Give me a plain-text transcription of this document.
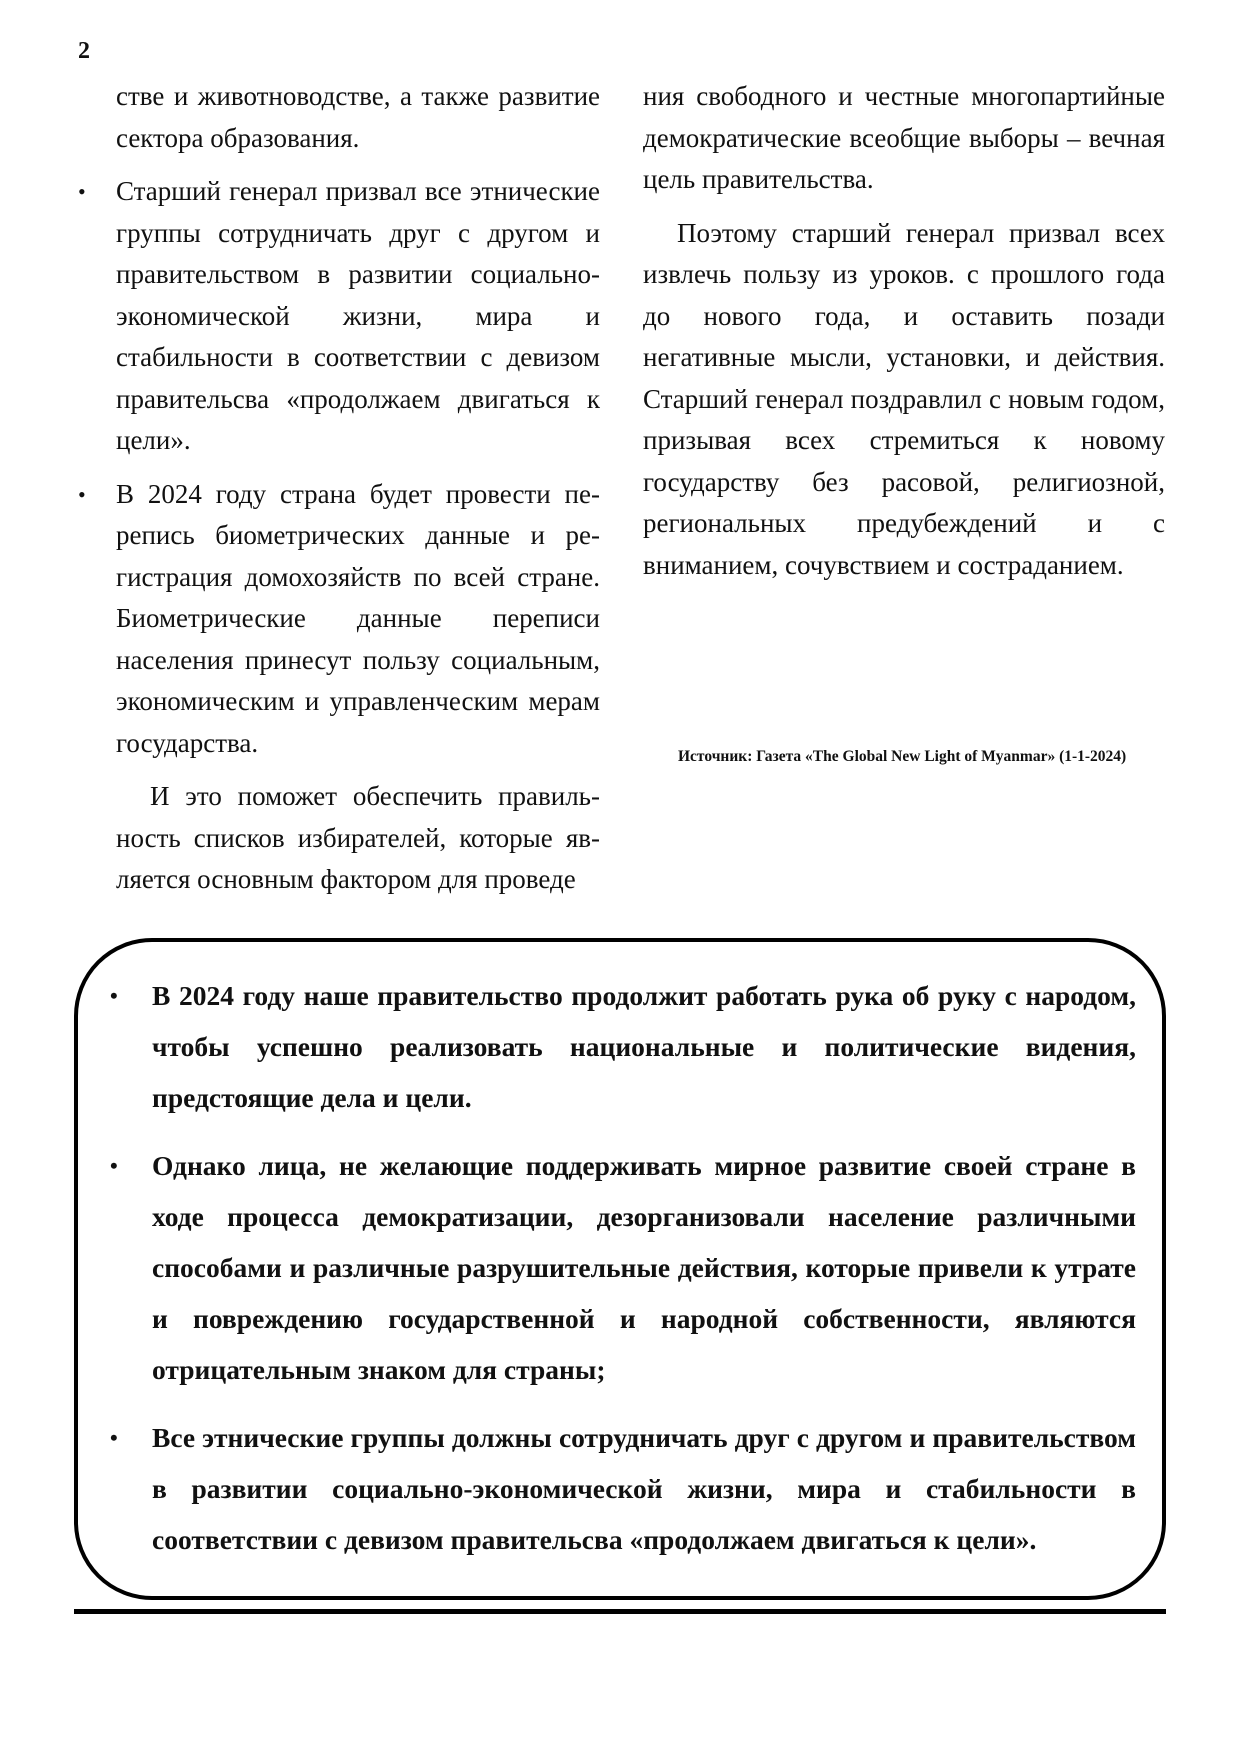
2

стве и животноводстве, а также развитие сектора образования.

• Старший генерал призвал все этнические группы сотрудничать друг с другом и правительством в развитии социально-экономической жизни, мира и стабильности в соответствии с девизом правительсва «продолжаем двигаться к цели».
• В 2024 году страна будет провести перепись биометрических данные и регистрация домохозяйств по всей стране. Биометрические данные переписи населения принесут пользу социальным, экономическим и управленческим мерам государства.

И это поможет обеспечить правильность списков избирателей, которые является основным фактором для проведе

ния свободного и честные многопартийные демократические всеобщие выборы – вечная цель правительства.

Поэтому старший генерал призвал всех извлечь пользу из уроков. с прошлого года до нового года, и оставить позади негативные мысли, установки, и действия. Старший генерал поздравлил с новым годом, призывая всех стремиться к новому государству без расовой, религиозной, региональных предубеждений и с вниманием, сочувствием и состраданием.

Источник: Газета «The Global New Light of Myanmar» (1-1-2024)
• В 2024 году наше правительство продолжит работать рука об руку с народом, чтобы успешно реализовать национальные и политические видения, предстоящие дела и цели.
• Однако лица, не желающие поддерживать мирное развитие своей стране в ходе процесса демократизации, дезорганизовали население различными способами и различные разрушительные действия, которые привели к утрате и повреждению государственной и народной собственности, являются отрицательным знаком для страны;
• Все этнические группы должны сотрудничать друг с другом и правительством в развитии социально-экономической жизни, мира и стабильности в соответствии с девизом правительсва «продолжаем двигаться к цели».
